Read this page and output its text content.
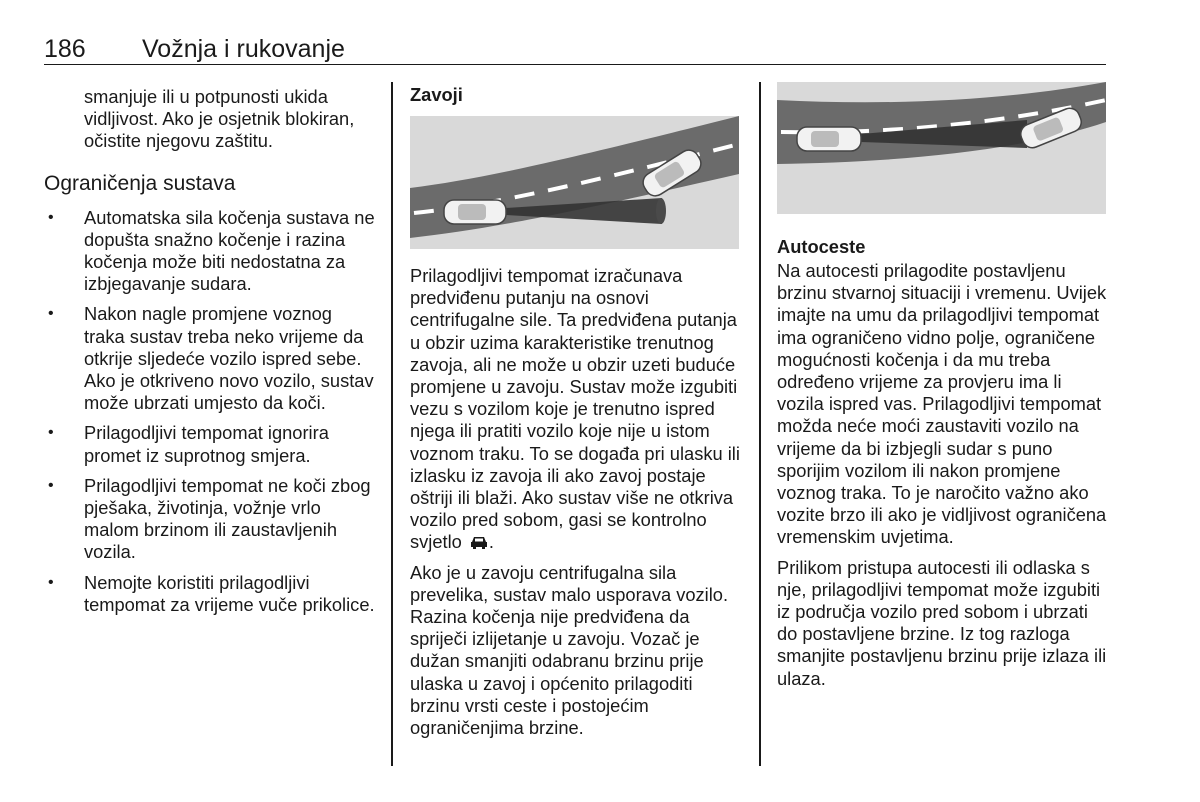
186 Vožnja i rukovanje

smanjuje ili u potpunosti ukida vidljivost. Ako je osjetnik blokiran, očistite njegovu zaštitu.

Ograničenja sustava
• Automatska sila kočenja sustava ne dopušta snažno kočenje i razina kočenja može biti nedostatna za izbjegavanje sudara.
• Nakon nagle promjene voznog traka sustav treba neko vrijeme da otkrije sljedeće vozilo ispred sebe. Ako je otkriveno novo vozilo, sustav može ubrzati umjesto da koči.
• Prilagodljivi tempomat ignorira promet iz suprotnog smjera.
• Prilagodljivi tempomat ne koči zbog pješaka, životinja, vožnje vrlo malom brzinom ili zaustavljenih vozila.
• Nemojte koristiti prilagodljivi tempomat za vrijeme vuče prikolice.
Zavoji

Prilagodljivi tempomat izračunava predviđenu putanju na osnovi centrifugalne sile. Ta predviđena putanja u obzir uzima karakteristike trenutnog zavoja, ali ne može u obzir uzeti buduće promjene u zavoju. Sustav može izgubiti vezu s vozilom koje je trenutno ispred njega ili pratiti vozilo koje nije u istom voznom traku. To se događa pri ulasku ili izlasku iz zavoja ili ako zavoj postaje oštriji ili blaži. Ako sustav više ne otkriva vozilo pred sobom, gasi se kontrolno svjetlo .

Ako je u zavoju centrifugalna sila prevelika, sustav malo usporava vozilo. Razina kočenja nije predviđena da spriječi izlijetanje u zavoju. Vozač je dužan smanjiti odabranu brzinu prije ulaska u zavoj i općenito prilagoditi brzinu vrsti ceste i postojećim ograničenjima brzine.

Autoceste

Na autocesti prilagodite postavljenu brzinu stvarnoj situaciji i vremenu. Uvijek imajte na umu da prilagodljivi tempomat ima ograničeno vidno polje, ograničene mogućnosti kočenja i da mu treba određeno vrijeme za provjeru ima li vozila ispred vas. Prilagodljivi tempomat možda neće moći zaustaviti vozilo na vrijeme da bi izbjegli sudar s puno sporijim vozilom ili nakon promjene voznog traka. To je naročito važno ako vozite brzo ili ako je vidljivost ograničena vremenskim uvjetima.

Prilikom pristupa autocesti ili odlaska s nje, prilagodljivi tempomat može izgubiti iz područja vozilo pred sobom i ubrzati do postavljene brzine. Iz tog razloga smanjite postavljenu brzinu prije izlaza ili ulaza.
